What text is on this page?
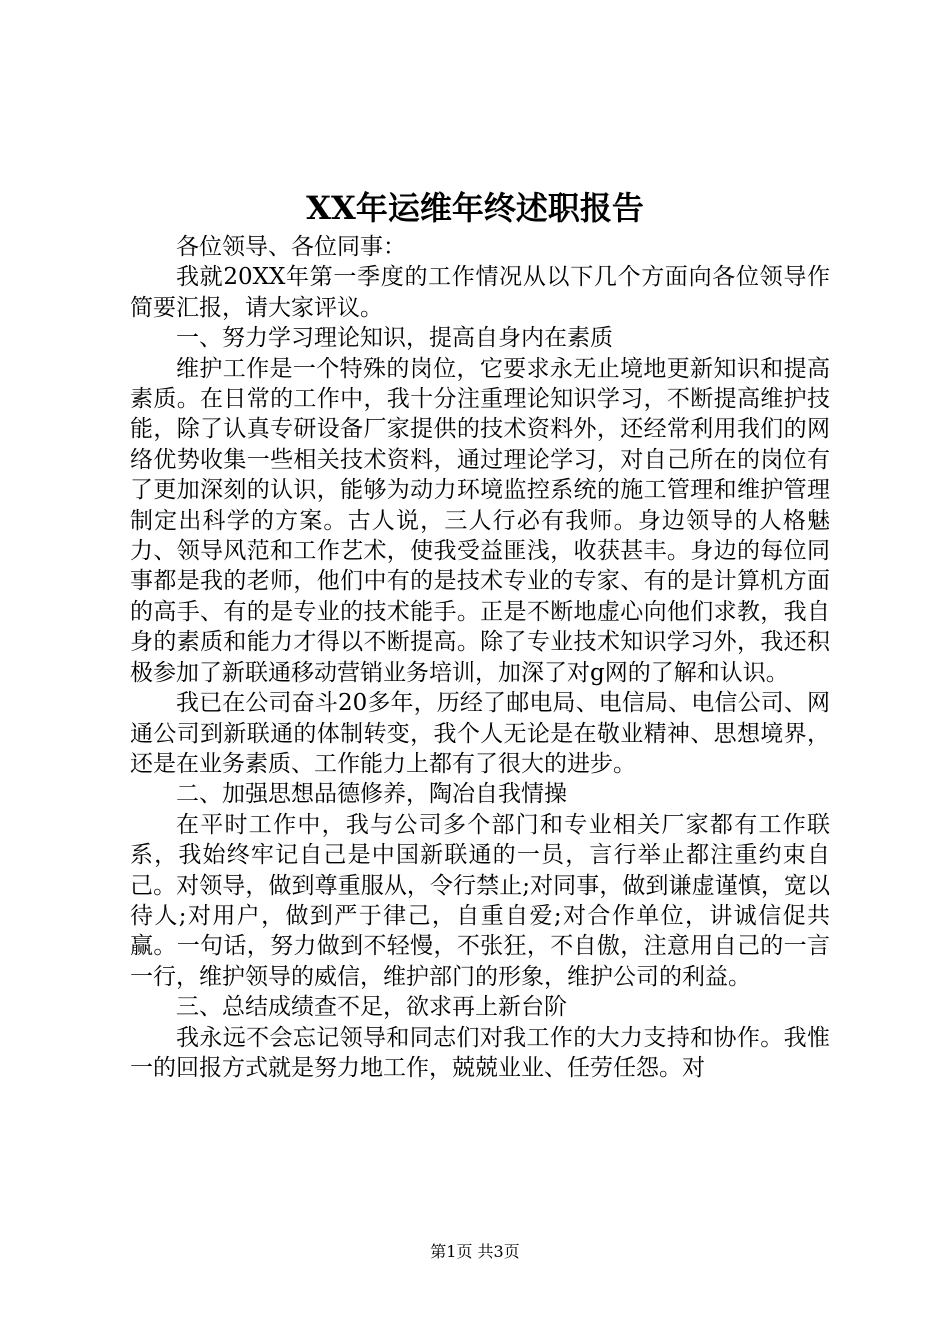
XX年运维年终述职报告

各位领导、各位同事：

我就20XX年第一季度的工作情况从以下几个方面向各位领导作简要汇报，请大家评议。

一、努力学习理论知识，提高自身内在素质

维护工作是一个特殊的岗位，它要求永无止境地更新知识和提高素质。在日常的工作中，我十分注重理论知识学习，不断提高维护技能，除了认真专研设备厂家提供的技术资料外，还经常利用我们的网络优势收集一些相关技术资料，通过理论学习，对自己所在的岗位有了更加深刻的认识，能够为动力环境监控系统的施工管理和维护管理制定出科学的方案。古人说，三人行必有我师。身边领导的人格魅力、领导风范和工作艺术，使我受益匪浅，收获甚丰。身边的每位同事都是我的老师，他们中有的是技术专业的专家、有的是计算机方面的高手、有的是专业的技术能手。正是不断地虚心向他们求教，我自身的素质和能力才得以不断提高。除了专业技术知识学习外，我还积极参加了新联通移动营销业务培训，加深了对g网的了解和认识。

我已在公司奋斗20多年，历经了邮电局、电信局、电信公司、网通公司到新联通的体制转变，我个人无论是在敬业精神、思想境界，还是在业务素质、工作能力上都有了很大的进步。

二、加强思想品德修养，陶冶自我情操

在平时工作中，我与公司多个部门和专业相关厂家都有工作联系，我始终牢记自己是中国新联通的一员，言行举止都注重约束自己。对领导，做到尊重服从，令行禁止;对同事，做到谦虚谨慎，宽以待人;对用户，做到严于律己，自重自爱;对合作单位，讲诚信促共赢。一句话，努力做到不轻慢，不张狂，不自傲，注意用自己的一言一行，维护领导的威信，维护部门的形象，维护公司的利益。

三、总结成绩查不足，欲求再上新台阶

我永远不会忘记领导和同志们对我工作的大力支持和协作。我惟一的回报方式就是努力地工作，兢兢业业、任劳任怨。对

第1页 共3页
